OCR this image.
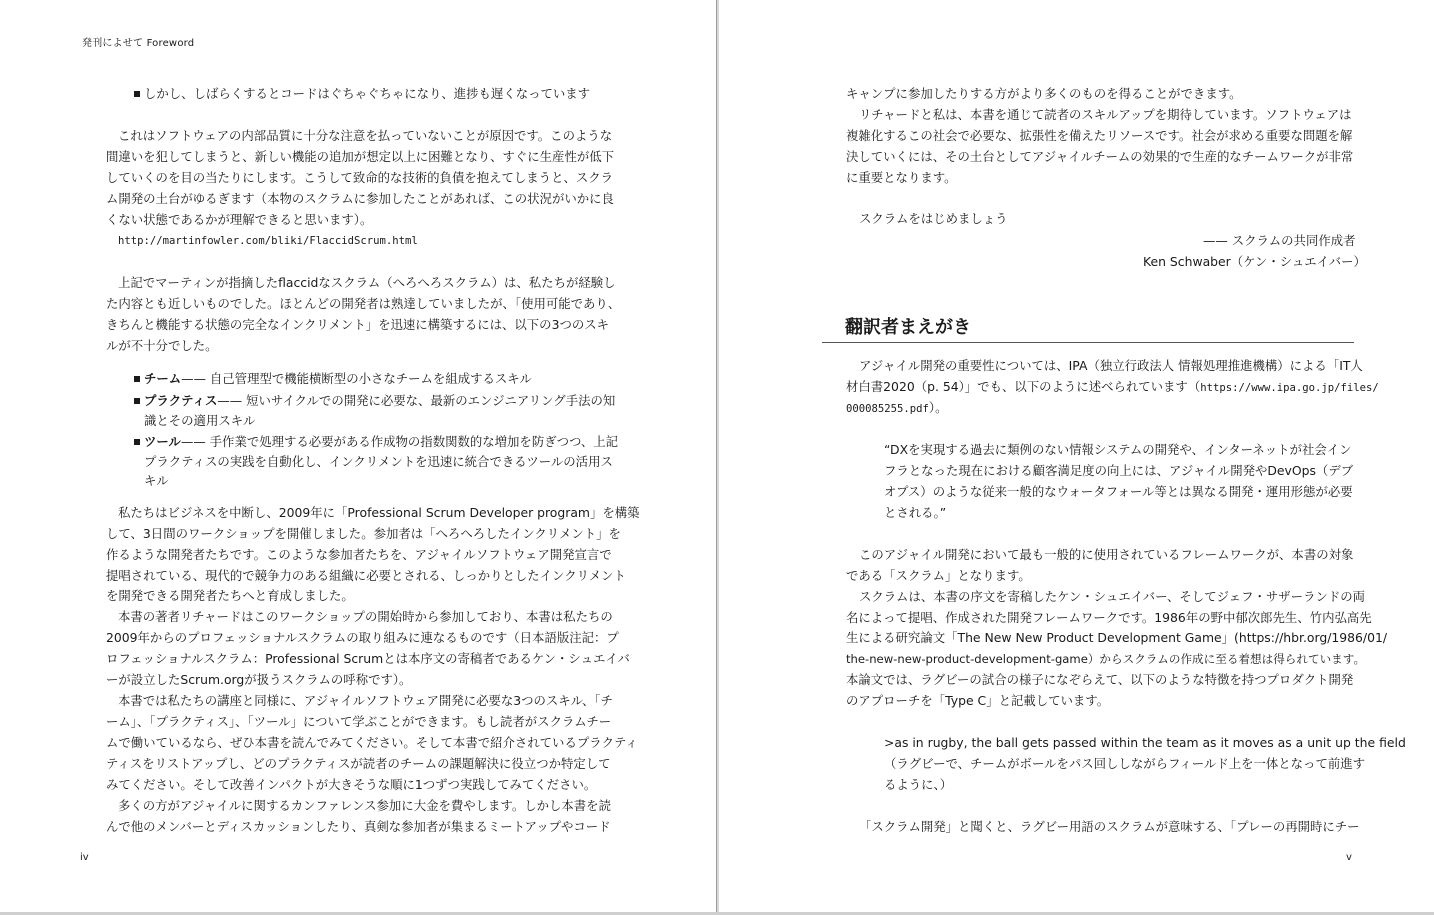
発刊によせて Foreword
しかし、しばらくするとコードはぐちゃぐちゃになり、進捗も遅くなっています
これはソフトウェアの内部品質に十分な注意を払っていないことが原因です。このような
間違いを犯してしまうと、新しい機能の追加が想定以上に困難となり、すぐに生産性が低下
していくのを目の当たりにします。こうして致命的な技術的負債を抱えてしまうと、スクラ
ム開発の土台がゆるぎます（本物のスクラムに参加したことがあれば、この状況がいかに良
くない状態であるかが理解できると思います）。
http://martinfowler.com/bliki/FlaccidScrum.html
上記でマーティンが指摘したflaccidなスクラム（へろへろスクラム）は、私たちが経験し
た内容とも近しいものでした。ほとんどの開発者は熟達していましたが、「使用可能であり、
きちんと機能する状態の完全なインクリメント」を迅速に構築するには、以下の3つのスキ
ルが不十分でした。
チーム—— 自己管理型で機能横断型の小さなチームを組成するスキル
プラクティス—— 短いサイクルでの開発に必要な、最新のエンジニアリング手法の知
識とその適用スキル
ツール—— 手作業で処理する必要がある作成物の指数関数的な増加を防ぎつつ、上記
プラクティスの実践を自動化し、インクリメントを迅速に統合できるツールの活用ス
キル
私たちはビジネスを中断し、2009年に「Professional Scrum Developer program」を構築
して、3日間のワークショップを開催しました。参加者は「へろへろしたインクリメント」を
作るような開発者たちです。このような参加者たちを、アジャイルソフトウェア開発宣言で
提唱されている、現代的で競争力のある組織に必要とされる、しっかりとしたインクリメント
を開発できる開発者たちへと育成しました。
本書の著者リチャードはこのワークショップの開始時から参加しており、本書は私たちの
2009年からのプロフェッショナルスクラムの取り組みに連なるものです（日本語版注記：プ
ロフェッショナルスクラム：Professional Scrumとは本序文の寄稿者であるケン・シュエイバ
ーが設立したScrum.orgが扱うスクラムの呼称です）。
本書では私たちの講座と同様に、アジャイルソフトウェア開発に必要な3つのスキル、「チ
ーム」、「プラクティス」、「ツール」について学ぶことができます。もし読者がスクラムチー
ムで働いているなら、ぜひ本書を読んでみてください。そして本書で紹介されているプラクティ
ティスをリストアップし、どのプラクティスが読者のチームの課題解決に役立つか特定して
みてください。そして改善インパクトが大きそうな順に1つずつ実践してみてください。
多くの方がアジャイルに関するカンファレンス参加に大金を費やします。しかし本書を読
んで他のメンバーとディスカッションしたり、真剣な参加者が集まるミートアップやコード
iv
キャンプに参加したりする方がより多くのものを得ることができます。
リチャードと私は、本書を通じて読者のスキルアップを期待しています。ソフトウェアは
複雑化するこの社会で必要な、拡張性を備えたリソースです。社会が求める重要な問題を解
決していくには、その土台としてアジャイルチームの効果的で生産的なチームワークが非常
に重要となります。
スクラムをはじめましょう
—— スクラムの共同作成者
Ken Schwaber（ケン・シュエイバー）
翻訳者まえがき
アジャイル開発の重要性については、IPA（独立行政法人 情報処理推進機構）による「IT人
材白書2020（p. 54）」でも、以下のように述べられています（https://www.ipa.go.jp/files/
000085255.pdf）。
“DXを実現する過去に類例のない情報システムの開発や、インターネットが社会イン
フラとなった現在における顧客満足度の向上には、アジャイル開発やDevOps（デブ
オプス）のような従来一般的なウォータフォール等とは異なる開発・運用形態が必要
とされる。”
このアジャイル開発において最も一般的に使用されているフレームワークが、本書の対象
である「スクラム」となります。
スクラムは、本書の序文を寄稿したケン・シュエイバー、そしてジェフ・サザーランドの両
名によって提唱、作成された開発フレームワークです。1986年の野中郁次郎先生、竹内弘高先
生による研究論文「The New New Product Development Game」(https://hbr.org/1986/01/
the-new-new-product-development-game）からスクラムの作成に至る着想は得られています。
本論文では、ラグビーの試合の様子になぞらえて、以下のような特徴を持つプロダクト開発
のアプローチを「Type C」と記載しています。
>as in rugby, the ball gets passed within the team as it moves as a unit up the field
（ラグビーで、チームがボールをパス回ししながらフィールド上を一体となって前進す
るように、）
「スクラム開発」と聞くと、ラグビー用語のスクラムが意味する、「プレーの再開時にチー
v
